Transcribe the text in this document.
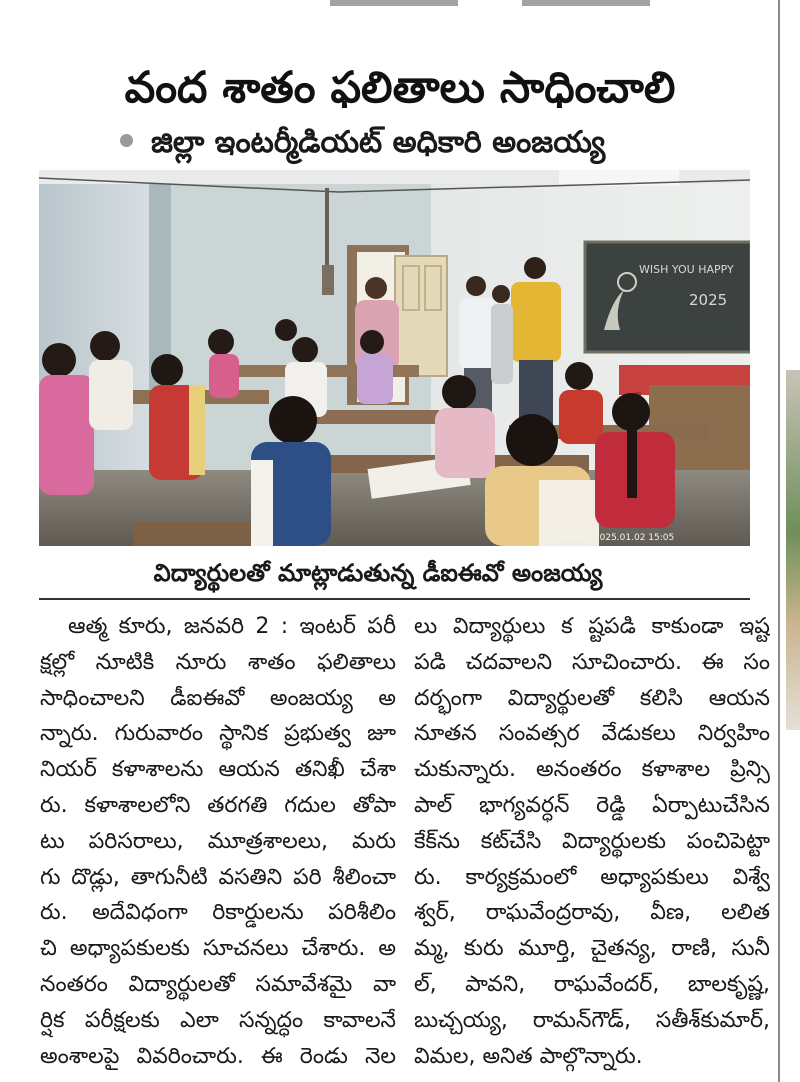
వంద శాతం ఫలితాలు సాధించాలి
జిల్లా ఇంటర్మీడియట్ అధికారి అంజయ్య
WISH YOU HAPPY
2025
Atmakur | 2025.01.02 15:05
విద్యార్థులతో మాట్లాడుతున్న డీఐఈవో అంజయ్య
ఆత్మ కూరు, జనవరి 2 : ఇంటర్ పరీ
క్షల్లో నూటికి నూరు శాతం ఫలితాలు
సాధించాలని డీఐఈవో అంజయ్య అ
న్నారు. గురువారం స్థానిక ప్రభుత్వ జూ
నియర్ కళాశాలను ఆయన తనిఖీ చేశా
రు. కళాశాలలోని తరగతి గదుల తోపా
టు పరిసరాలు, మూత్రశాలలు, మరు
గు దొడ్లు, తాగునీటి వసతిని పరి శీలించా
రు. అదేవిధంగా రికార్డులను పరిశీలిం
చి అధ్యాపకులకు సూచనలు చేశారు. అ
నంతరం విద్యార్థులతో సమావేశమై వా
ర్షిక పరీక్షలకు ఎలా సన్నద్ధం కావాలనే
అంశాలపై వివరించారు. ఈ రెండు నెల
లు విద్యార్థులు క ష్టపడి కాకుండా ఇష్ట
పడి చదవాలని సూచించారు. ఈ సం
దర్భంగా విద్యార్థులతో కలిసి ఆయన
నూతన సంవత్సర వేడుకలు నిర్వహిం
చుకున్నారు. అనంతరం కళాశాల ప్రిన్సి
పాల్ భాగ్యవర్ధన్ రెడ్డి ఏర్పాటుచేసిన
కేక్‌ను కట్‌చేసి విద్యార్థులకు పంచిపెట్టా
రు. కార్యక్రమంలో అధ్యాపకులు విశ్వే
శ్వర్, రాఘవేంద్రరావు, వీణ, లలిత
మ్మ, కురు మూర్తి, చైతన్య, రాణి, సునీ
ల్, పావని, రాఘవేందర్, బాలకృష్ణ,
బుచ్చయ్య, రామన్‌గౌడ్, సతీశ్‌కుమార్,
విమల, అనిత పాల్గొన్నారు.
